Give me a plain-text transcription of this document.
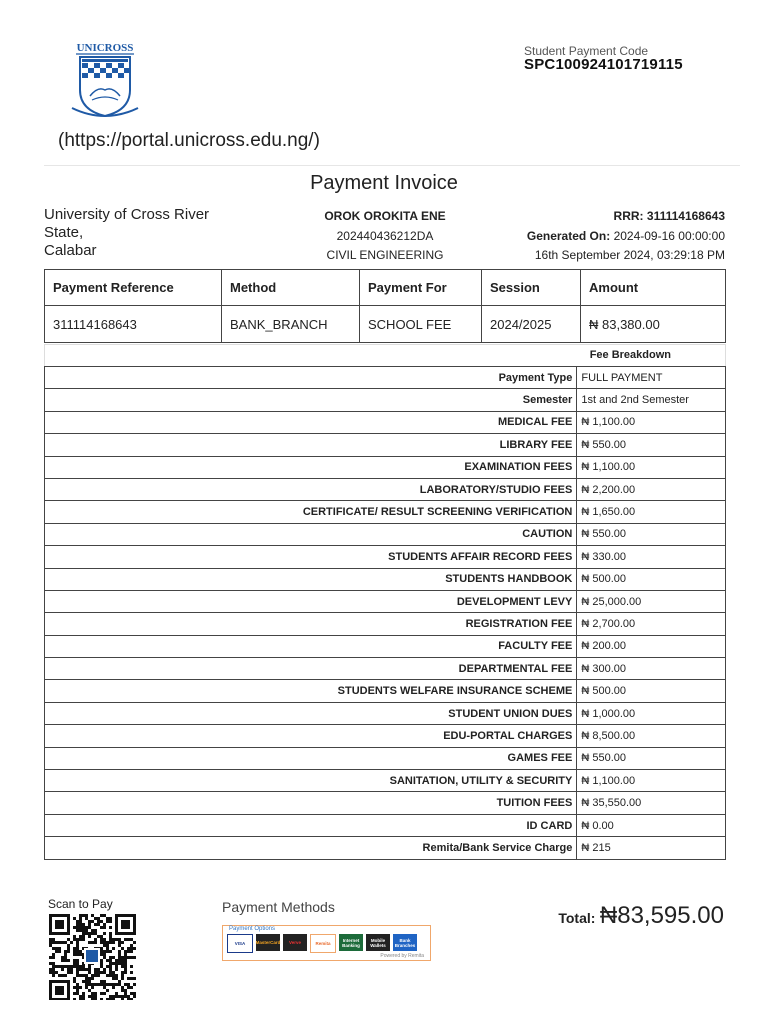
UNICROSS	Student Payment Code
SPC100924101719115
(https://portal.unicross.edu.ng/)
Payment Invoice
University of Cross River
State,
Calabar
OROK OROKITA ENE
202440436212DA
CIVIL ENGINEERING
RRR: 311114168643
Generated On: 2024-09-16 00:00:00
16th September 2024, 03:29:18 PM
Payment Reference	Method	Payment For	Session	Amount
311114168643	BANK_BRANCH	SCHOOL FEE	2024/2025	₦ 83,380.00
Fee Breakdown
Payment Type	FULL PAYMENT
Semester	1st and 2nd Semester
MEDICAL FEE	₦ 1,100.00
LIBRARY FEE	₦ 550.00
EXAMINATION FEES	₦ 1,100.00
LABORATORY/STUDIO FEES	₦ 2,200.00
CERTIFICATE/ RESULT SCREENING VERIFICATION	₦ 1,650.00
CAUTION	₦ 550.00
STUDENTS AFFAIR RECORD FEES	₦ 330.00
STUDENTS HANDBOOK	₦ 500.00
DEVELOPMENT LEVY	₦ 25,000.00
REGISTRATION FEE	₦ 2,700.00
FACULTY FEE	₦ 200.00
DEPARTMENTAL FEE	₦ 300.00
STUDENTS WELFARE INSURANCE SCHEME	₦ 500.00
STUDENT UNION DUES	₦ 1,000.00
EDU-PORTAL CHARGES	₦ 8,500.00
GAMES FEE	₦ 550.00
SANITATION, UTILITY & SECURITY	₦ 1,100.00
TUITION FEES	₦ 35,550.00
ID CARD	₦ 0.00
Remita/Bank Service Charge	₦ 215
Scan to Pay	Payment Methods
Payment Options
VISA	MasterCard	Verve	Remita
Internet Banking
Mobile Wallets
Bank Branches
Powered by Remita
Total: ₦83,595.00
